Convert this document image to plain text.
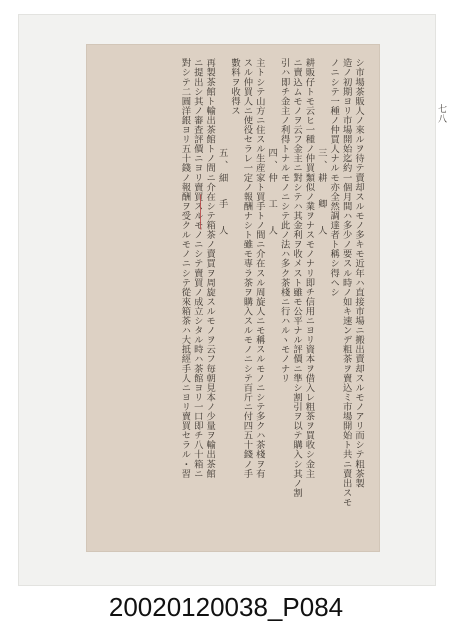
七八
シ市場茶販人ノ來ルヲ待テ賣却スルモノ多キモ近年ハ直接市場ニ搬出賣却スルモノアリ而シテ粗茶製
造ノ初期ヨリ市場開始迄約一個月間ハ多少ノ要スル時ノ如キ速ンデ粗茶ヲ賣込ミ市場開始ト共ニ賣出スモ
ノニシテ一種ノ仲買人ナルモ亦全然調達者ト稱シ得ヘシ
三、耕 卿 人
耕販仔トモ云ヒ一種ノ仲買類似ノ業ヲナスモノナリ即チ信用ニヨリ資本ヲ借入レ粗茶ヲ買收シ金主
ニ賣込ムモノヲ云フ金主ニ對シテハ其金利ヲ收メスト雖モ公平ナル評價ニ準シ割引ヲ以テ購入シ其ノ割
引ハ即チ金主ノ利得トナルモノニシテ此ノ法ハ多ク茶棧ニ行ハルヽモノナリ
四、仲 工 人
主トシテ山方ニ住スル生産家ト買手トノ間ニ介在スル周旋人ニモ稱スルモノニシテ多クハ茶棧ヲ有
スル仲買人ニ使役セラレ一定ノ報酬ナシト雖モ専ラ茶ヲ購入スルモノニシテ百斤ニ付四五十錢ノ手
數料ヲ收得ス
五、細 手 人
再製茶館ト輸出茶館トノ間ニ介在シテ箱茶ノ賣買ヲ周旋スルモノヲ云フ毎朝見本ノ少量ヲ輸出茶館
ニ提出シ其ノ審査評價ニヨリ賣買スルモノニシテ賣買ノ成立シタル時ハ茶館ヨリ一口即チ八十箱ニ
對シテ二圓洋銀ヨリ五十錢ノ報酬ヲ受クルモノニシテ從來箱茶ハ大抵經手人ニヨリ賣買セラル・習
20020120038_P084
